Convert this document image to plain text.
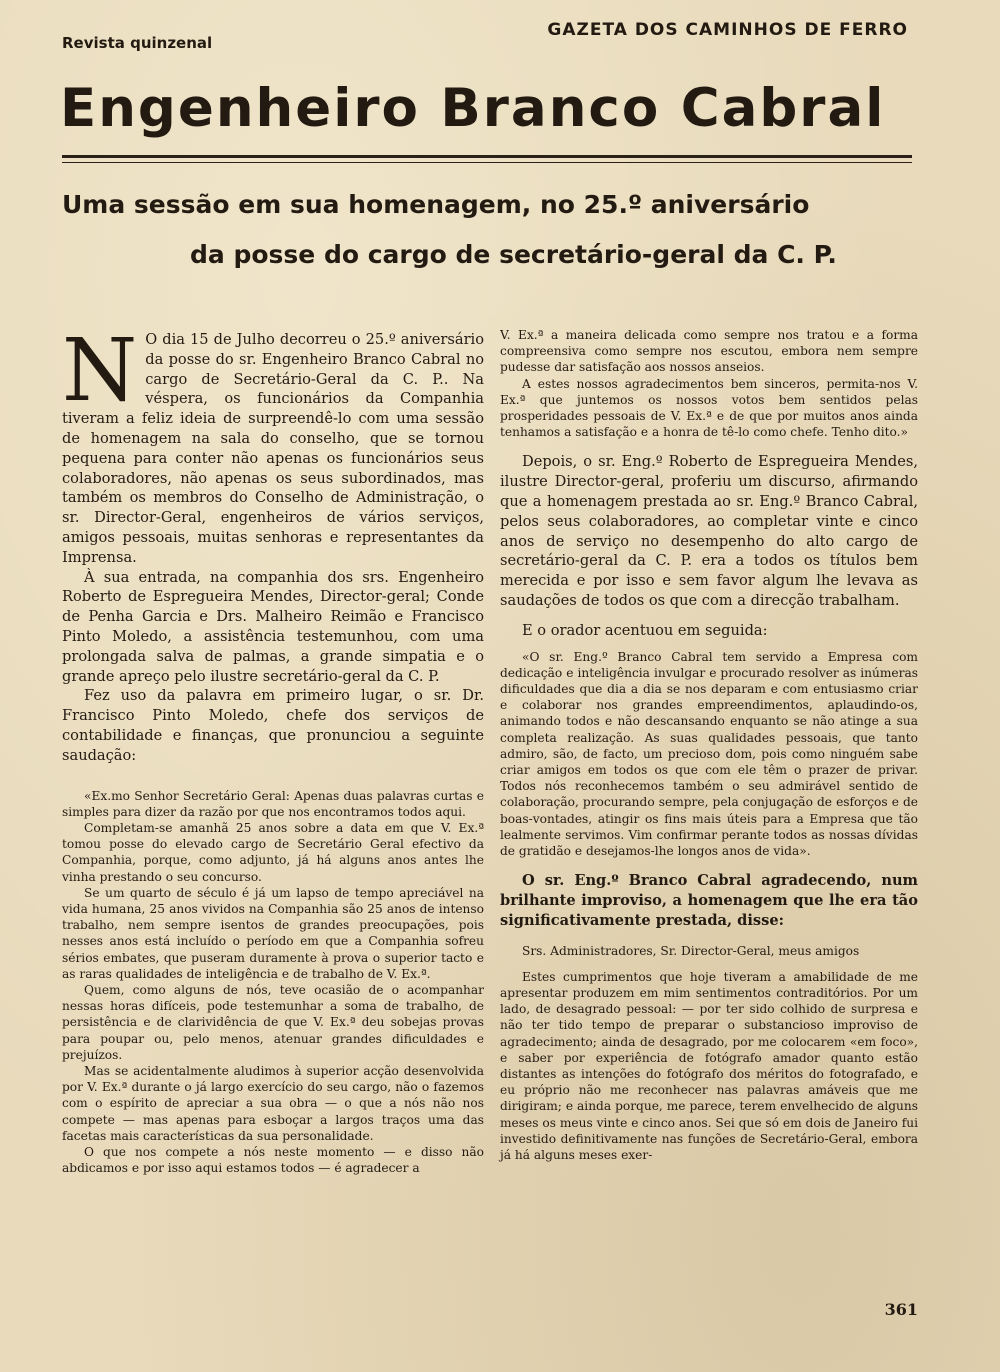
Revista quinzenal
GAZETA DOS CAMINHOS DE FERRO
Engenheiro Branco Cabral
Uma sessão em sua homenagem, no 25.º aniversário
da posse do cargo de secretário-geral da C. P.

N O dia 15 de Julho decorreu o 25.º aniversário da posse do sr. Engenheiro Branco Cabral no cargo de Secretário-Geral da C. P.. Na véspera, os funcionários da Companhia tiveram a feliz ideia de surpreendê-lo com uma sessão de homenagem na sala do conselho, que se tornou pequena para conter não apenas os funcionários seus colaboradores, não apenas os seus subordinados, mas também os membros do Conselho de Administração, o sr. Director-Geral, engenheiros de vários serviços, amigos pessoais, muitas senhoras e representantes da Imprensa.

À sua entrada, na companhia dos srs. Engenheiro Roberto de Espregueira Mendes, Director-geral; Conde de Penha Garcia e Drs. Malheiro Reimão e Francisco Pinto Moledo, a assistência testemunhou, com uma prolongada salva de palmas, a grande simpatia e o grande apreço pelo ilustre secretário-geral da C. P.

Fez uso da palavra em primeiro lugar, o sr. Dr. Francisco Pinto Moledo, chefe dos serviços de contabilidade e finanças, que pronunciou a seguinte saudação:

«Ex.mo Senhor Secretário Geral: Apenas duas palavras curtas e simples para dizer da razão por que nos encontramos todos aqui.

Completam-se amanhã 25 anos sobre a data em que V. Ex.ª tomou posse do elevado cargo de Secretário Geral efectivo da Companhia, porque, como adjunto, já há alguns anos antes lhe vinha prestando o seu concurso.

Se um quarto de século é já um lapso de tempo apreciável na vida humana, 25 anos vividos na Companhia são 25 anos de intenso trabalho, nem sempre isentos de grandes preocupações, pois nesses anos está incluído o período em que a Companhia sofreu sérios embates, que puseram duramente à prova o superior tacto e as raras qualidades de inteligência e de trabalho de V. Ex.ª.

Quem, como alguns de nós, teve ocasião de o acompanhar nessas horas difíceis, pode testemunhar a soma de trabalho, de persistência e de clarividência de que V. Ex.ª deu sobejas provas para poupar ou, pelo menos, atenuar grandes dificuldades e prejuízos.

Mas se acidentalmente aludimos à superior acção desenvolvida por V. Ex.ª durante o já largo exercício do seu cargo, não o fazemos com o espírito de apreciar a sua obra — o que a nós não nos compete — mas apenas para esboçar a largos traços uma das facetas mais características da sua personalidade.

O que nos compete a nós neste momento — e disso não abdicamos e por isso aqui estamos todos — é agradecer a

V. Ex.ª a maneira delicada como sempre nos tratou e a forma compreensiva como sempre nos escutou, embora nem sempre pudesse dar satisfação aos nossos anseios.

A estes nossos agradecimentos bem sinceros, permita-nos V. Ex.ª que juntemos os nossos votos bem sentidos pelas prosperidades pessoais de V. Ex.ª e de que por muitos anos ainda tenhamos a satisfação e a honra de tê-lo como chefe. Tenho dito.»

Depois, o sr. Eng.º Roberto de Espregueira Mendes, ilustre Director-geral, proferiu um discurso, afirmando que a homenagem prestada ao sr. Eng.º Branco Cabral, pelos seus colaboradores, ao completar vinte e cinco anos de serviço no desempenho do alto cargo de secretário-geral da C. P. era a todos os títulos bem merecida e por isso e sem favor algum lhe levava as saudações de todos os que com a direcção trabalham.

E o orador acentuou em seguida:

«O sr. Eng.º Branco Cabral tem servido a Empresa com dedicação e inteligência invulgar e procurado resolver as inúmeras dificuldades que dia a dia se nos deparam e com entusiasmo criar e colaborar nos grandes empreendimentos, aplaudindo-os, animando todos e não descansando enquanto se não atinge a sua completa realização. As suas qualidades pessoais, que tanto admiro, são, de facto, um precioso dom, pois como ninguém sabe criar amigos em todos os que com ele têm o prazer de privar. Todos nós reconhecemos também o seu admirável sentido de colaboração, procurando sempre, pela conjugação de esforços e de boas-vontades, atingir os fins mais úteis para a Empresa que tão lealmente servimos. Vim confirmar perante todos as nossas dívidas de gratidão e desejamos-lhe longos anos de vida».

O sr. Eng.º Branco Cabral agradecendo, num brilhante improviso, a homenagem que lhe era tão significativamente prestada, disse:

Srs. Administradores, Sr. Director-Geral, meus amigos

Estes cumprimentos que hoje tiveram a amabilidade de me apresentar produzem em mim sentimentos contraditórios. Por um lado, de desagrado pessoal: — por ter sido colhido de surpresa e não ter tido tempo de preparar o substancioso improviso de agradecimento; ainda de desagrado, por me colocarem «em foco», e saber por experiência de fotógrafo amador quanto estão distantes as intenções do fotógrafo dos méritos do fotografado, e eu próprio não me reconhecer nas palavras amáveis que me dirigiram; e ainda porque, me parece, terem envelhecido de alguns meses os meus vinte e cinco anos. Sei que só em dois de Janeiro fui investido definitivamente nas funções de Secretário-Geral, embora já há alguns meses exer-

361
